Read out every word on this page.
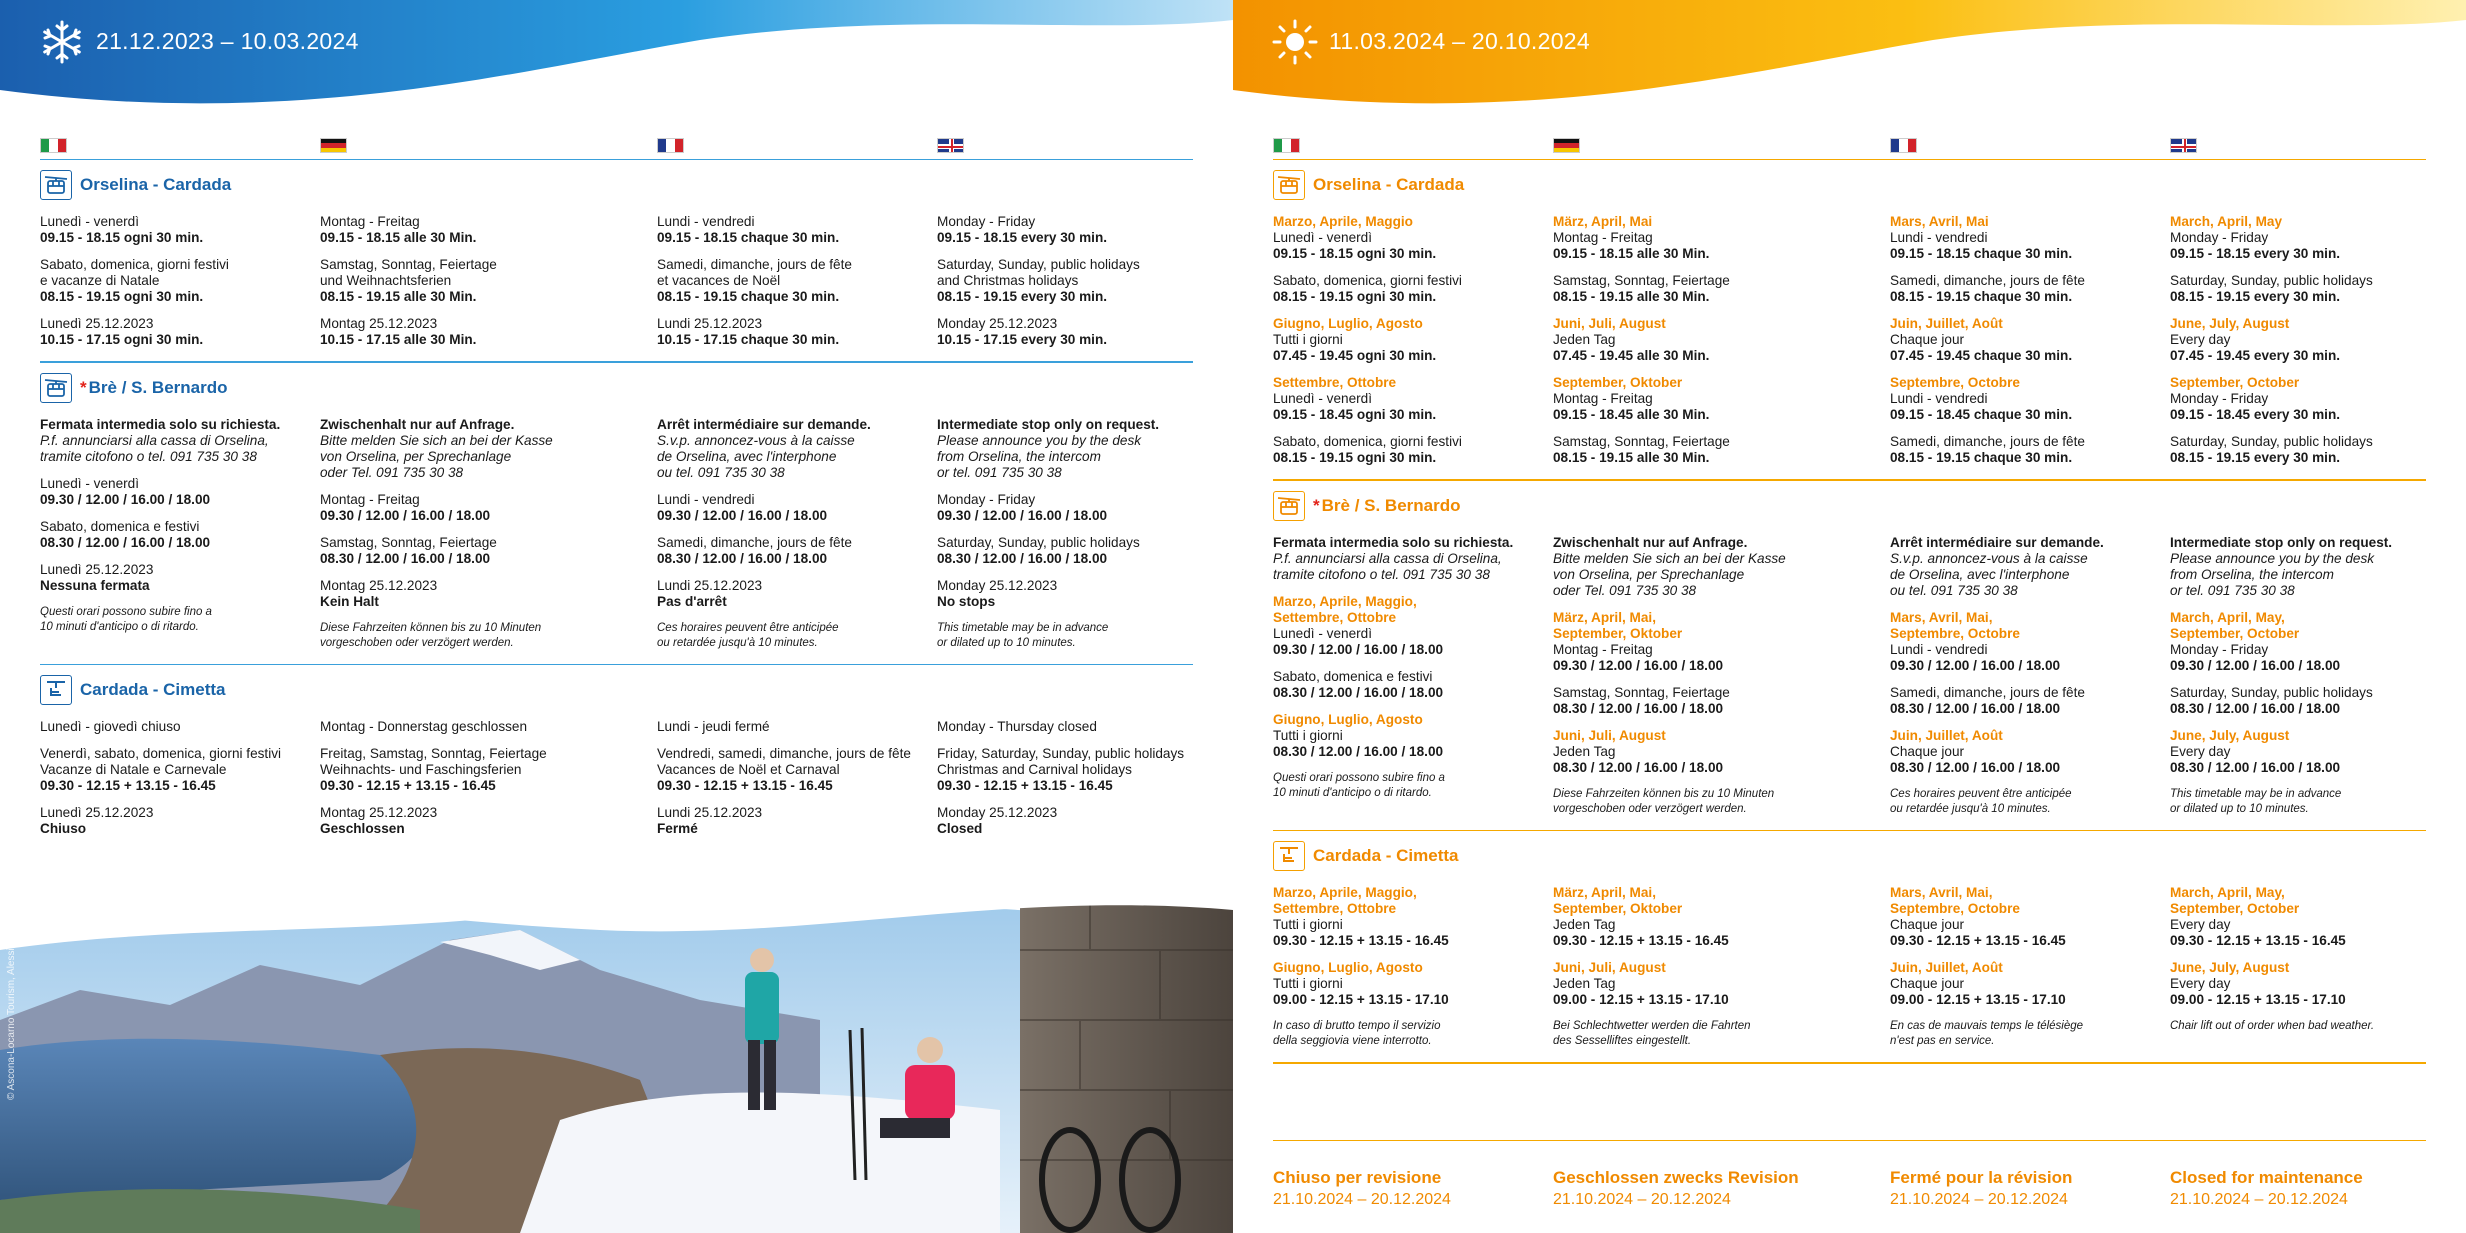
21.12.2023 – 10.03.2024
Orselina - Cardada
Lunedì - venerdì
09.15 - 18.15 ogni 30 min.
Sabato, domenica, giorni festivi
e vacanze di Natale
08.15 - 19.15 ogni 30 min.
Lunedì 25.12.2023
10.15 - 17.15 ogni 30 min.
Montag - Freitag
09.15 - 18.15 alle 30 Min.
Samstag, Sonntag, Feiertage
und Weihnachtsferien
08.15 - 19.15 alle 30 Min.
Montag 25.12.2023
10.15 - 17.15 alle 30 Min.
Lundi - vendredi
09.15 - 18.15 chaque 30 min.
Samedi, dimanche, jours de fête
et vacances de Noël
08.15 - 19.15 chaque 30 min.
Lundi 25.12.2023
10.15 - 17.15 chaque 30 min.
Monday - Friday
09.15 - 18.15 every 30 min.
Saturday, Sunday, public holidays
and Christmas holidays
08.15 - 19.15 every 30 min.
Monday 25.12.2023
10.15 - 17.15 every 30 min.
* Brè / S. Bernardo
Fermata intermedia solo su richiesta.
P.f. annunciarsi alla cassa di Orselina,
tramite citofono o tel. 091 735 30 38
Lunedì - venerdì
09.30 / 12.00 / 16.00 / 18.00
Sabato, domenica e festivi
08.30 / 12.00 / 16.00 / 18.00
Lunedì 25.12.2023
Nessuna fermata
Questi orari possono subire fino a
10 minuti d'anticipo o di ritardo.
Zwischenhalt nur auf Anfrage.
Bitte melden Sie sich an bei der Kasse
von Orselina, per Sprechanlage
oder Tel. 091 735 30 38
Montag - Freitag
09.30 / 12.00 / 16.00 / 18.00
Samstag, Sonntag, Feiertage
08.30 / 12.00 / 16.00 / 18.00
Montag 25.12.2023
Kein Halt
Diese Fahrzeiten können bis zu 10 Minuten
vorgeschoben oder verzögert werden.
Arrêt intermédiaire sur demande.
S.v.p. annoncez-vous à la caisse
de Orselina, avec l'interphone
ou tel. 091 735 30 38
Lundi - vendredi
09.30 / 12.00 / 16.00 / 18.00
Samedi, dimanche, jours de fête
08.30 / 12.00 / 16.00 / 18.00
Lundi 25.12.2023
Pas d'arrêt
Ces horaires peuvent être anticipée
ou retardée jusqu'à 10 minutes.
Intermediate stop only on request.
Please announce you by the desk
from Orselina, the intercom
or tel. 091 735 30 38
Monday - Friday
09.30 / 12.00 / 16.00 / 18.00
Saturday, Sunday, public holidays
08.30 / 12.00 / 16.00 / 18.00
Monday 25.12.2023
No stops
This timetable may be in advance
or dilated up to 10 minutes.
Cardada - Cimetta
Lunedì - giovedì chiuso
Venerdì, sabato, domenica, giorni festivi
Vacanze di Natale e Carnevale
09.30 - 12.15 + 13.15 - 16.45
Lunedì 25.12.2023
Chiuso
Montag - Donnerstag geschlossen
Freitag, Samstag, Sonntag, Feiertage
Weihnachts- und Faschingsferien
09.30 - 12.15 + 13.15 - 16.45
Montag 25.12.2023
Geschlossen
Lundi - jeudi fermé
Vendredi, samedi, dimanche, jours de fête
Vacances de Noël et Carnaval
09.30 - 12.15 + 13.15 - 16.45
Lundi 25.12.2023
Fermé
Monday - Thursday closed
Friday, Saturday, Sunday, public holidays
Christmas and Carnival holidays
09.30 - 12.15 + 13.15 - 16.45
Monday 25.12.2023
Closed
© Ascona-Locarno Tourism, Alessio Pizzicannella
11.03.2024 – 20.10.2024
Orselina - Cardada
Marzo, Aprile, Maggio
Lunedì - venerdì
09.15 - 18.15 ogni 30 min.
Sabato, domenica, giorni festivi
08.15 - 19.15 ogni 30 min.
Giugno, Luglio, Agosto
Tutti i giorni
07.45 - 19.45 ogni 30 min.
Settembre, Ottobre
Lunedì - venerdì
09.15 - 18.45 ogni 30 min.
Sabato, domenica, giorni festivi
08.15 - 19.15 ogni 30 min.
März, April, Mai
Montag - Freitag
09.15 - 18.15 alle 30 Min.
Samstag, Sonntag, Feiertage
08.15 - 19.15 alle 30 Min.
Juni, Juli, August
Jeden Tag
07.45 - 19.45 alle 30 Min.
September, Oktober
Montag - Freitag
09.15 - 18.45 alle 30 Min.
Samstag, Sonntag, Feiertage
08.15 - 19.15 alle 30 Min.
Mars, Avril, Mai
Lundi - vendredi
09.15 - 18.15 chaque 30 min.
Samedi, dimanche, jours de fête
08.15 - 19.15 chaque 30 min.
Juin, Juillet, Août
Chaque jour
07.45 - 19.45 chaque 30 min.
Septembre, Octobre
Lundi - vendredi
09.15 - 18.45 chaque 30 min.
Samedi, dimanche, jours de fête
08.15 - 19.15 chaque 30 min.
March, April, May
Monday - Friday
09.15 - 18.15 every 30 min.
Saturday, Sunday, public holidays
08.15 - 19.15 every 30 min.
June, July, August
Every day
07.45 - 19.45 every 30 min.
September, October
Monday - Friday
09.15 - 18.45 every 30 min.
Saturday, Sunday, public holidays
08.15 - 19.15 every 30 min.
* Brè / S. Bernardo
Fermata intermedia solo su richiesta.
P.f. annunciarsi alla cassa di Orselina,
tramite citofono o tel. 091 735 30 38
Marzo, Aprile, Maggio,
Settembre, Ottobre
Lunedì - venerdì
09.30 / 12.00 / 16.00 / 18.00
Sabato, domenica e festivi
08.30 / 12.00 / 16.00 / 18.00
Giugno, Luglio, Agosto
Tutti i giorni
08.30 / 12.00 / 16.00 / 18.00
Questi orari possono subire fino a
10 minuti d'anticipo o di ritardo.
Zwischenhalt nur auf Anfrage.
Bitte melden Sie sich an bei der Kasse
von Orselina, per Sprechanlage
oder Tel. 091 735 30 38
März, April, Mai,
September, Oktober
Montag - Freitag
09.30 / 12.00 / 16.00 / 18.00
Samstag, Sonntag, Feiertage
08.30 / 12.00 / 16.00 / 18.00
Juni, Juli, August
Jeden Tag
08.30 / 12.00 / 16.00 / 18.00
Diese Fahrzeiten können bis zu 10 Minuten
vorgeschoben oder verzögert werden.
Arrêt intermédiaire sur demande.
S.v.p. annoncez-vous à la caisse
de Orselina, avec l'interphone
ou tel. 091 735 30 38
Mars, Avril, Mai,
Septembre, Octobre
Lundi - vendredi
09.30 / 12.00 / 16.00 / 18.00
Samedi, dimanche, jours de fête
08.30 / 12.00 / 16.00 / 18.00
Juin, Juillet, Août
Chaque jour
08.30 / 12.00 / 16.00 / 18.00
Ces horaires peuvent être anticipée
ou retardée jusqu'à 10 minutes.
Intermediate stop only on request.
Please announce you by the desk
from Orselina, the intercom
or tel. 091 735 30 38
March, April, May,
September, October
Monday - Friday
09.30 / 12.00 / 16.00 / 18.00
Saturday, Sunday, public holidays
08.30 / 12.00 / 16.00 / 18.00
June, July, August
Every day
08.30 / 12.00 / 16.00 / 18.00
This timetable may be in advance
or dilated up to 10 minutes.
Cardada - Cimetta
Marzo, Aprile, Maggio,
Settembre, Ottobre
Tutti i giorni
09.30 - 12.15 + 13.15 - 16.45
Giugno, Luglio, Agosto
Tutti i giorni
09.00 - 12.15 + 13.15 - 17.10
In caso di brutto tempo il servizio
della seggiovia viene interrotto.
März, April, Mai,
September, Oktober
Jeden Tag
09.30 - 12.15 + 13.15 - 16.45
Juni, Juli, August
Jeden Tag
09.00 - 12.15 + 13.15 - 17.10
Bei Schlechtwetter werden die Fahrten
des Sesselliftes eingestellt.
Mars, Avril, Mai,
Septembre, Octobre
Chaque jour
09.30 - 12.15 + 13.15 - 16.45
Juin, Juillet, Août
Chaque jour
09.00 - 12.15 + 13.15 - 17.10
En cas de mauvais temps le télésiège
n'est pas en service.
March, April, May,
September, October
Every day
09.30 - 12.15 + 13.15 - 16.45
June, July, August
Every day
09.00 - 12.15 + 13.15 - 17.10
Chair lift out of order when bad weather.
Chiuso per revisione
21.10.2024 – 20.12.2024
Geschlossen zwecks Revision
21.10.2024 – 20.12.2024
Fermé pour la révision
21.10.2024 – 20.12.2024
Closed for maintenance
21.10.2024 – 20.12.2024
